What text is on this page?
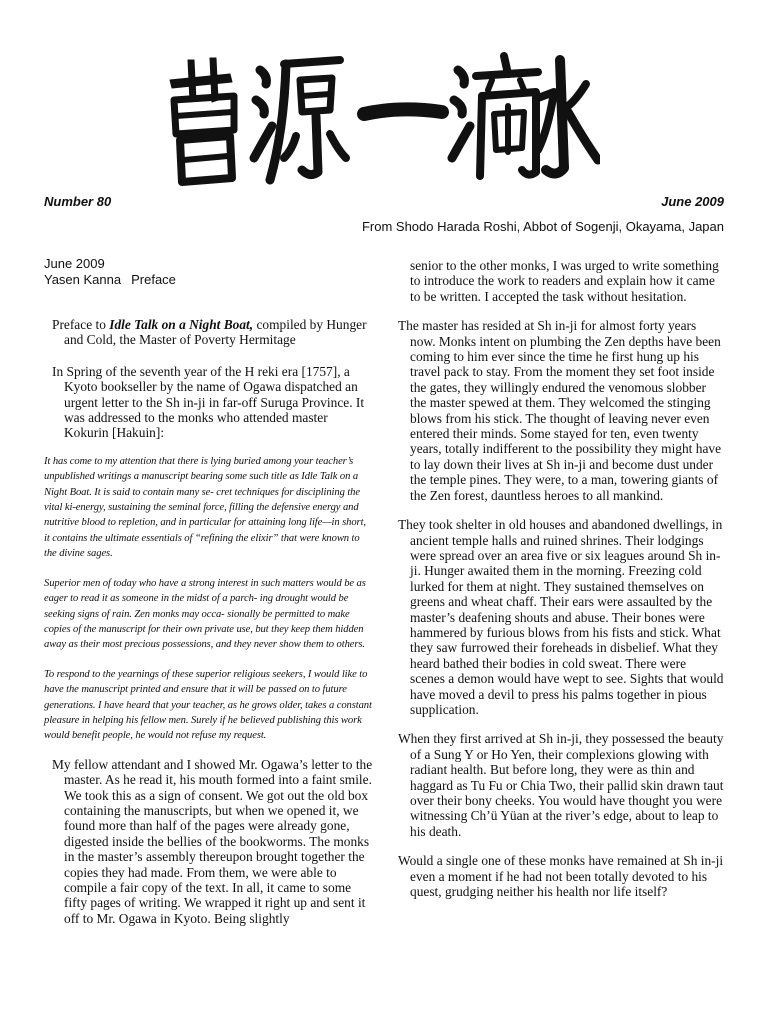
Number 80	June 2009
From Shodo Harada Roshi, Abbot of Sogenji, Okayama, Japan
June 2009
Yasen Kanna Preface

Preface to Idle Talk on a Night Boat, compiled by Hunger and Cold, the Master of Poverty Hermitage

In Spring of the seventh year of the H reki era [1757], a Kyoto bookseller by the name of Ogawa dispatched an urgent letter to the Sh in-ji in far-off Suruga Province. It was addressed to the monks who attended master Kokurin [Hakuin]:

It has come to my attention that there is lying buried among your teacher’s unpublished writings a manuscript bearing some such title as Idle Talk on a Night Boat. It is said to contain many se- cret techniques for disciplining the vital ki-energy, sustaining the seminal force, filling the defensive energy and nutritive blood to repletion, and in particular for attaining long life—in short, it contains the ultimate essentials of “refining the elixir” that were known to the divine sages.

Superior men of today who have a strong interest in such matters would be as eager to read it as someone in the midst of a parch- ing drought would be seeking signs of rain. Zen monks may occa- sionally be permitted to make copies of the manuscript for their own private use, but they keep them hidden away as their most precious possessions, and they never show them to others.

To respond to the yearnings of these superior religious seekers, I would like to have the manuscript printed and ensure that it will be passed on to future generations. I have heard that your teacher, as he grows older, takes a constant pleasure in helping his fellow men. Surely if he believed publishing this work would benefit people, he would not refuse my request.

My fellow attendant and I showed Mr. Ogawa’s letter to the master. As he read it, his mouth formed into a faint smile. We took this as a sign of consent. We got out the old box containing the manuscripts, but when we opened it, we found more than half of the pages were already gone, digested inside the bellies of the bookworms. The monks in the master’s assembly thereupon brought together the copies they had made. From them, we were able to compile a fair copy of the text. In all, it came to some fifty pages of writing. We wrapped it right up and sent it off to Mr. Ogawa in Kyoto. Being slightly

senior to the other monks, I was urged to write something to introduce the work to readers and explain how it came to be written. I accepted the task without hesitation.

The master has resided at Sh in-ji for almost forty years now. Monks intent on plumbing the Zen depths have been coming to him ever since the time he first hung up his travel pack to stay. From the moment they set foot inside the gates, they willingly endured the venomous slobber the master spewed at them. They welcomed the stinging blows from his stick. The thought of leaving never even entered their minds. Some stayed for ten, even twenty years, totally indifferent to the possibility they might have to lay down their lives at Sh in-ji and become dust under the temple pines. They were, to a man, towering giants of the Zen forest, dauntless heroes to all mankind.

They took shelter in old houses and abandoned dwellings, in ancient temple halls and ruined shrines. Their lodgings were spread over an area five or six leagues around Sh in-ji. Hunger awaited them in the morning. Freezing cold lurked for them at night. They sustained themselves on greens and wheat chaff. Their ears were assaulted by the master’s deafening shouts and abuse. Their bones were hammered by furious blows from his fists and stick. What they saw furrowed their foreheads in disbelief. What they heard bathed their bodies in cold sweat. There were scenes a demon would have wept to see. Sights that would have moved a devil to press his palms together in pious supplication.

When they first arrived at Sh in-ji, they possessed the beauty of a Sung Y or Ho Yen, their complexions glowing with radiant health. But before long, they were as thin and haggard as Tu Fu or Chia Two, their pallid skin drawn taut over their bony cheeks. You would have thought you were witnessing Ch’ü Yüan at the river’s edge, about to leap to his death.

Would a single one of these monks have remained at Sh in-ji even a moment if he had not been totally devoted to his quest, grudging neither his health nor life itself?
